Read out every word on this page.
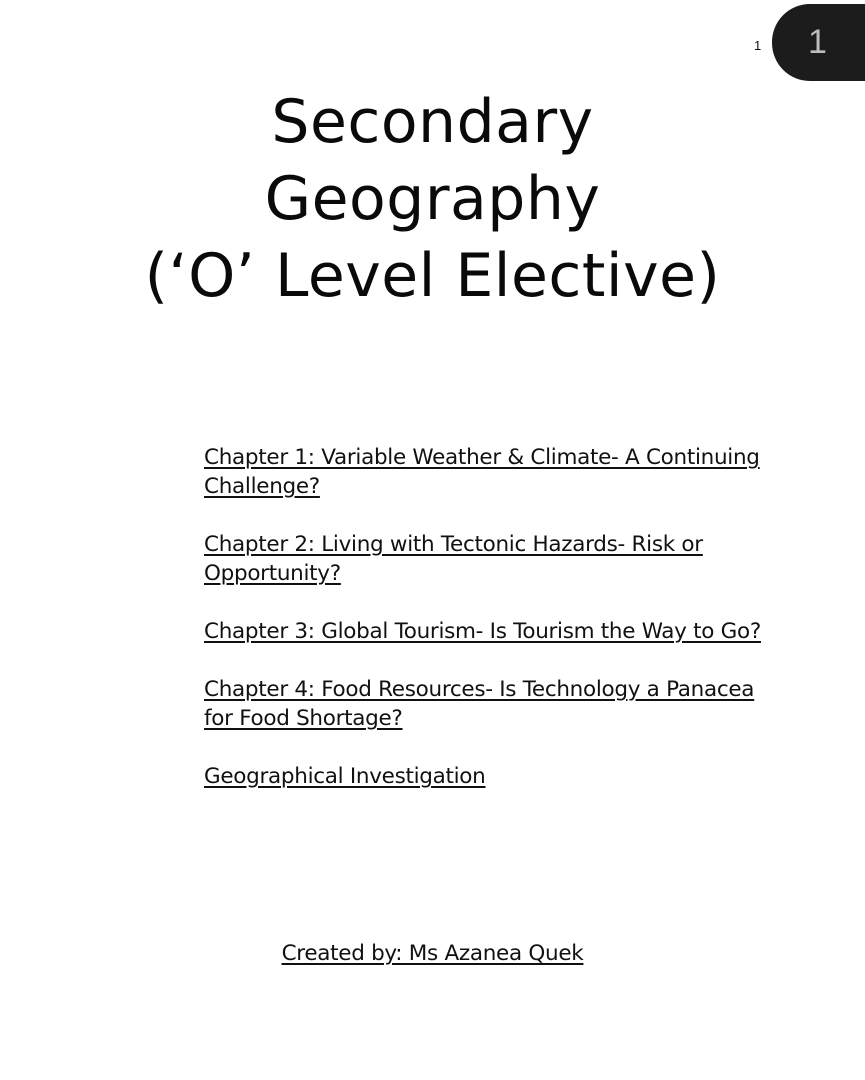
1 1
Secondary
Geography
(‘O’ Level Elective)
Chapter 1: Variable Weather & Climate- A Continuing Challenge?
Chapter 2: Living with Tectonic Hazards- Risk or Opportunity?
Chapter 3: Global Tourism- Is Tourism the Way to Go?
Chapter 4: Food Resources- Is Technology a Panacea for Food Shortage?
Geographical Investigation
Created by: Ms Azanea Quek
